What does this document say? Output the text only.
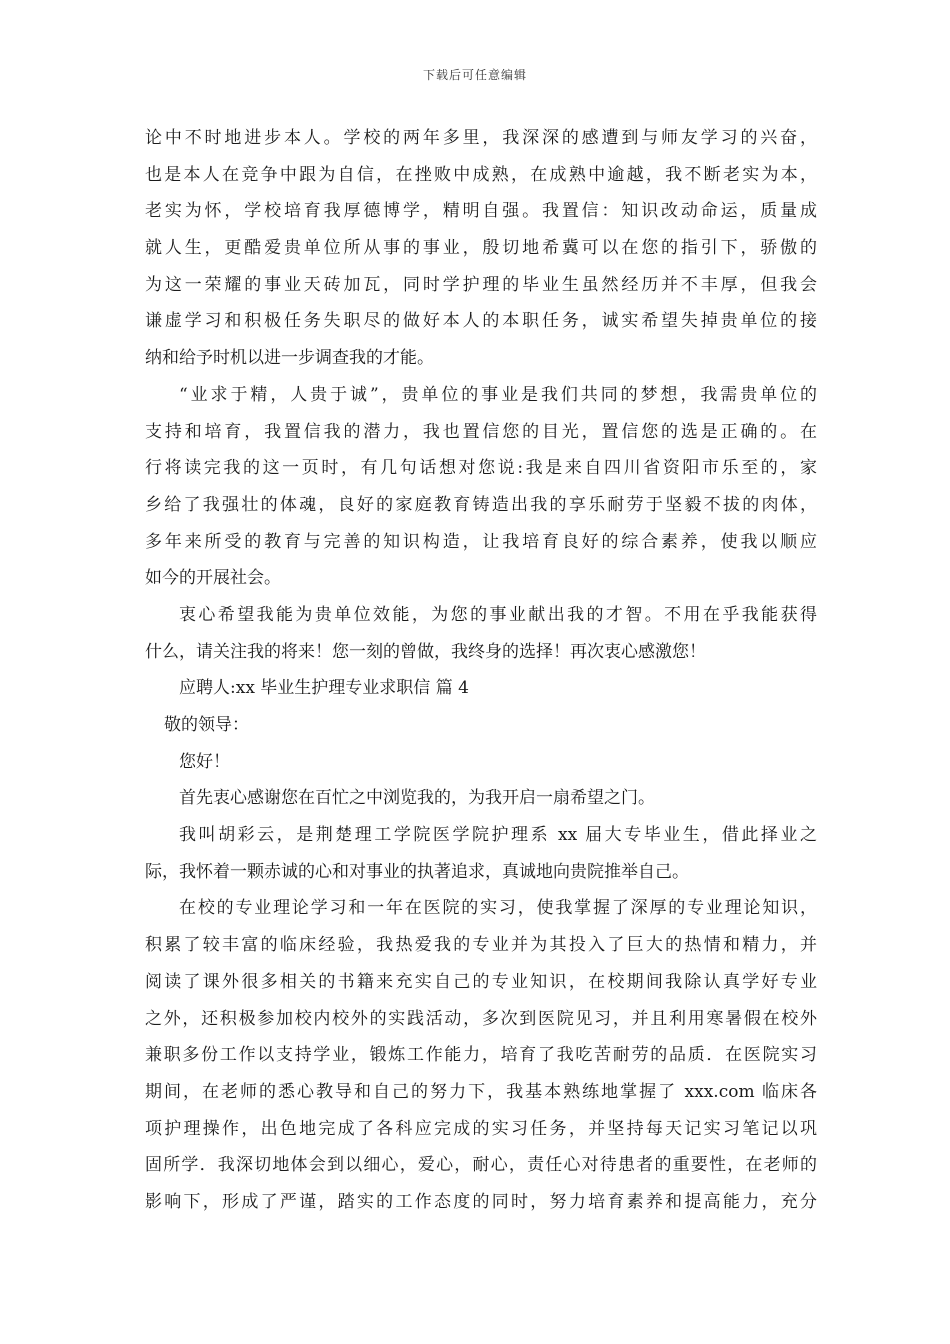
下载后可任意编辑
论中不时地进步本人。学校的两年多里，我深深的感遭到与师友学习的兴奋，
也是本人在竞争中跟为自信，在挫败中成熟，在成熟中逾越，我不断老实为本，
老实为怀，学校培育我厚德博学，精明自强。我置信：知识改动命运，质量成
就人生，更酷爱贵单位所从事的事业，殷切地希冀可以在您的指引下，骄傲的
为这一荣耀的事业天砖加瓦，同时学护理的毕业生虽然经历并不丰厚，但我会
谦虚学习和积极任务失职尽的做好本人的本职任务，诚实希望失掉贵单位的接
纳和给予时机以进一步调查我的才能。
“业求于精，人贵于诚”，贵单位的事业是我们共同的梦想，我需贵单位的
支持和培育，我置信我的潜力，我也置信您的目光，置信您的选是正确的。在
行将读完我的这一页时，有几句话想对您说:我是来自四川省资阳市乐至的，家
乡给了我强壮的体魂，良好的家庭教育铸造出我的享乐耐劳于坚毅不拔的肉体，
多年来所受的教育与完善的知识构造，让我培育良好的综合素养，使我以顺应
如今的开展社会。
衷心希望我能为贵单位效能，为您的事业献出我的才智。不用在乎我能获得
什么，请关注我的将来！您一刻的曾做，我终身的选择！再次衷心感激您！
应聘人:xx 毕业生护理专业求职信 篇 4
敬的领导：
您好！
首先衷心感谢您在百忙之中浏览我的，为我开启一扇希望之门。
我叫胡彩云，是荆楚理工学院医学院护理系 xx 届大专毕业生，借此择业之
际，我怀着一颗赤诚的心和对事业的执著追求，真诚地向贵院推举自己。
在校的专业理论学习和一年在医院的实习，使我掌握了深厚的专业理论知识，
积累了较丰富的临床经验，我热爱我的专业并为其投入了巨大的热情和精力，并
阅读了课外很多相关的书籍来充实自己的专业知识，在校期间我除认真学好专业
之外，还积极参加校内校外的实践活动，多次到医院见习，并且利用寒暑假在校外
兼职多份工作以支持学业，锻炼工作能力，培育了我吃苦耐劳的品质．在医院实习
期间，在老师的悉心教导和自己的努力下，我基本熟练地掌握了 xxx.com 临床各
项护理操作，出色地完成了各科应完成的实习任务，并坚持每天记实习笔记以巩
固所学．我深切地体会到以细心，爱心，耐心，责任心对待患者的重要性，在老师的
影响下，形成了严谨，踏实的工作态度的同时，努力培育素养和提高能力，充分
